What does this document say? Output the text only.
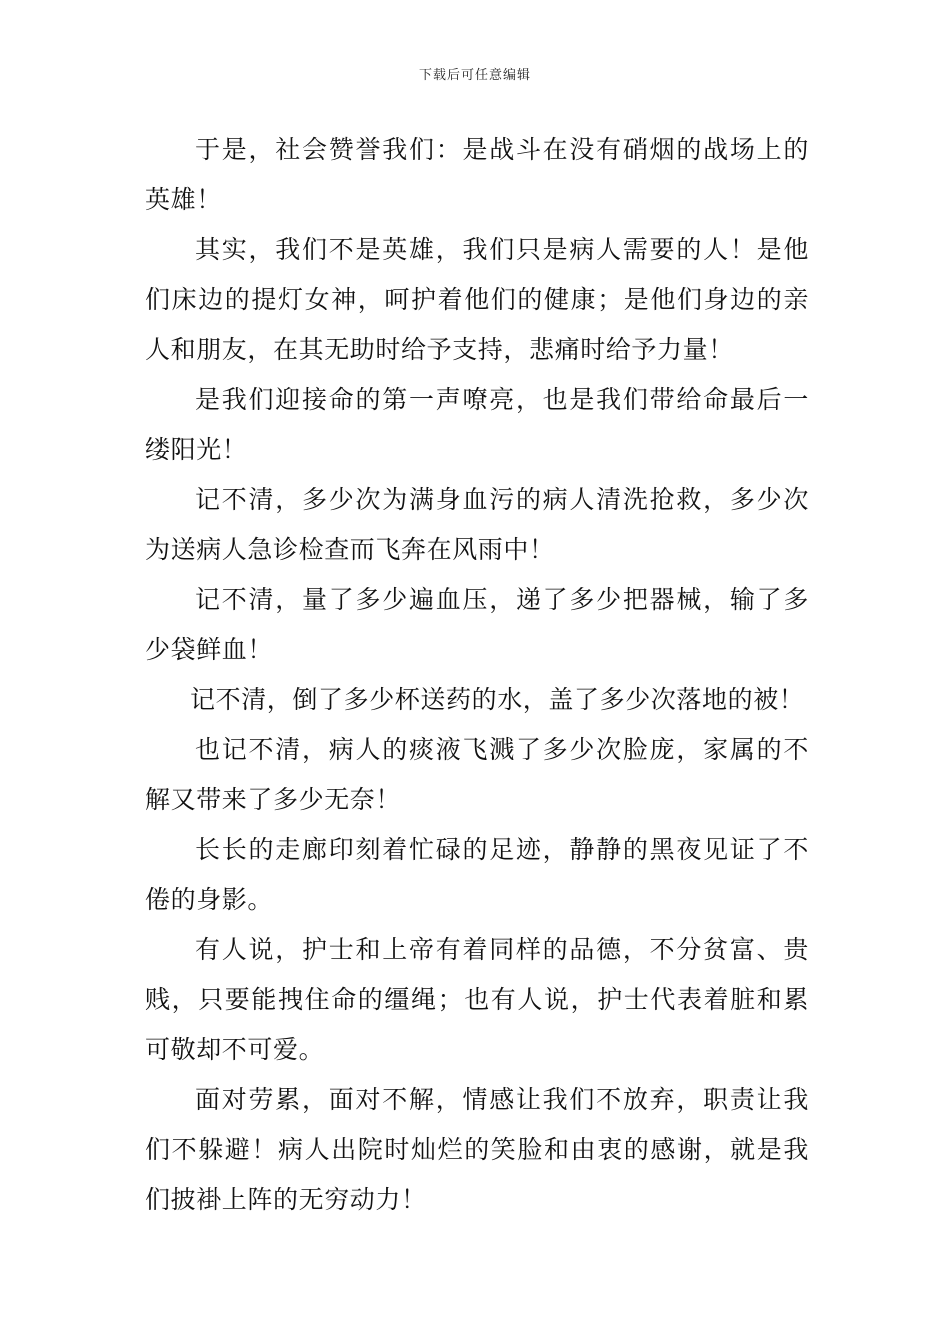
下载后可任意编辑

于是，社会赞誉我们：是战斗在没有硝烟的战场上的英雄！

其实，我们不是英雄，我们只是病人需要的人！是他们床边的提灯女神，呵护着他们的健康；是他们身边的亲人和朋友，在其无助时给予支持，悲痛时给予力量！

是我们迎接命的第一声嘹亮，也是我们带给命最后一缕阳光！

记不清，多少次为满身血污的病人清洗抢救，多少次为送病人急诊检查而飞奔在风雨中！

记不清，量了多少遍血压，递了多少把器械，输了多少袋鲜血！

记不清，倒了多少杯送药的水，盖了多少次落地的被！

也记不清，病人的痰液飞溅了多少次脸庞，家属的不解又带来了多少无奈！

长长的走廊印刻着忙碌的足迹，静静的黑夜见证了不倦的身影。

有人说，护士和上帝有着同样的品德，不分贫富、贵贱，只要能拽住命的缰绳；也有人说，护士代表着脏和累可敬却不可爱。

面对劳累，面对不解，情感让我们不放弃，职责让我们不躲避！病人出院时灿烂的笑脸和由衷的感谢，就是我们披褂上阵的无穷动力！
